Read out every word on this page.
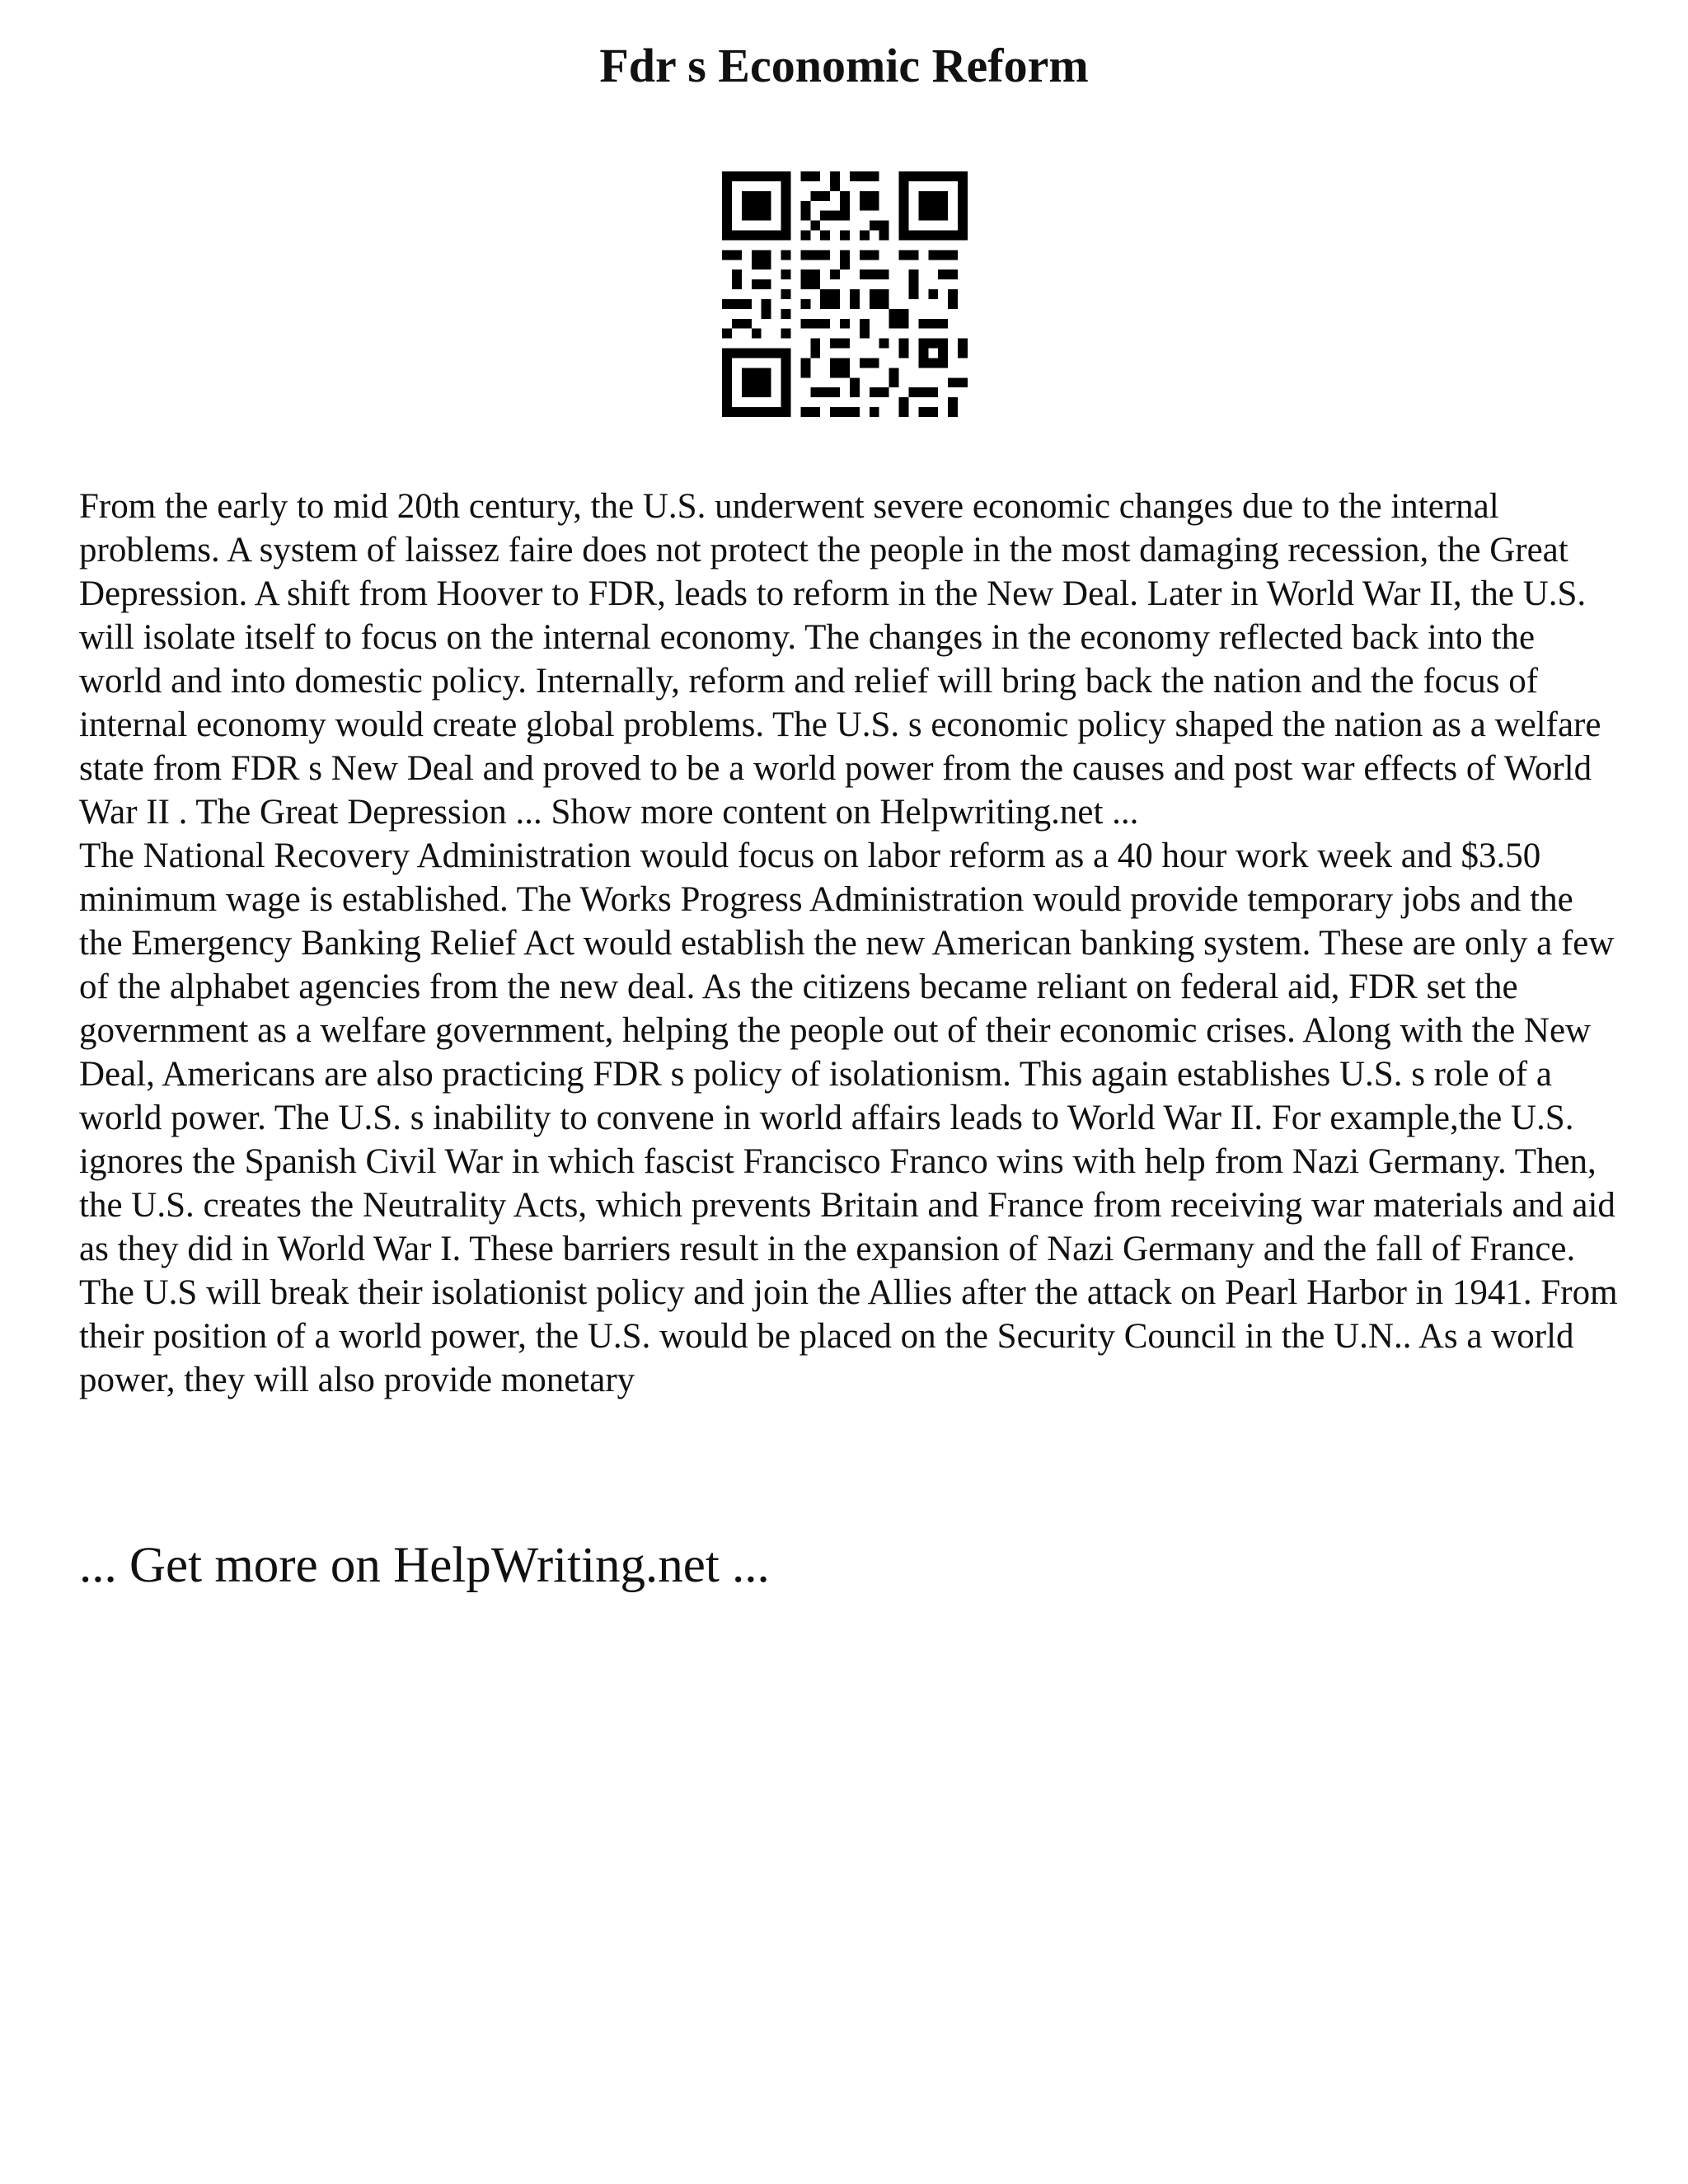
Fdr s Economic Reform

From the early to mid 20th century, the U.S. underwent severe economic changes due to the internal problems. A system of laissez faire does not protect the people in the most damaging recession, the Great Depression. A shift from Hoover to FDR, leads to reform in the New Deal. Later in World War II, the U.S. will isolate itself to focus on the internal economy. The changes in the economy reflected back into the world and into domestic policy. Internally, reform and relief will bring back the nation and the focus of internal economy would create global problems. The U.S. s economic policy shaped the nation as a welfare state from FDR s New Deal and proved to be a world power from the causes and post war effects of World War II . The Great Depression ... Show more content on Helpwriting.net ...

The National Recovery Administration would focus on labor reform as a 40 hour work week and $3.50 minimum wage is established. The Works Progress Administration would provide temporary jobs and the the Emergency Banking Relief Act would establish the new American banking system. These are only a few of the alphabet agencies from the new deal. As the citizens became reliant on federal aid, FDR set the government as a welfare government, helping the people out of their economic crises. Along with the New Deal, Americans are also practicing FDR s policy of isolationism. This again establishes U.S. s role of a world power. The U.S. s inability to convene in world affairs leads to World War II. For example,the U.S. ignores the Spanish Civil War in which fascist Francisco Franco wins with help from Nazi Germany. Then, the U.S. creates the Neutrality Acts, which prevents Britain and France from receiving war materials and aid as they did in World War I. These barriers result in the expansion of Nazi Germany and the fall of France. The U.S will break their isolationist policy and join the Allies after the attack on Pearl Harbor in 1941. From their position of a world power, the U.S. would be placed on the Security Council in the U.N.. As a world power, they will also provide monetary

... Get more on HelpWriting.net ...
